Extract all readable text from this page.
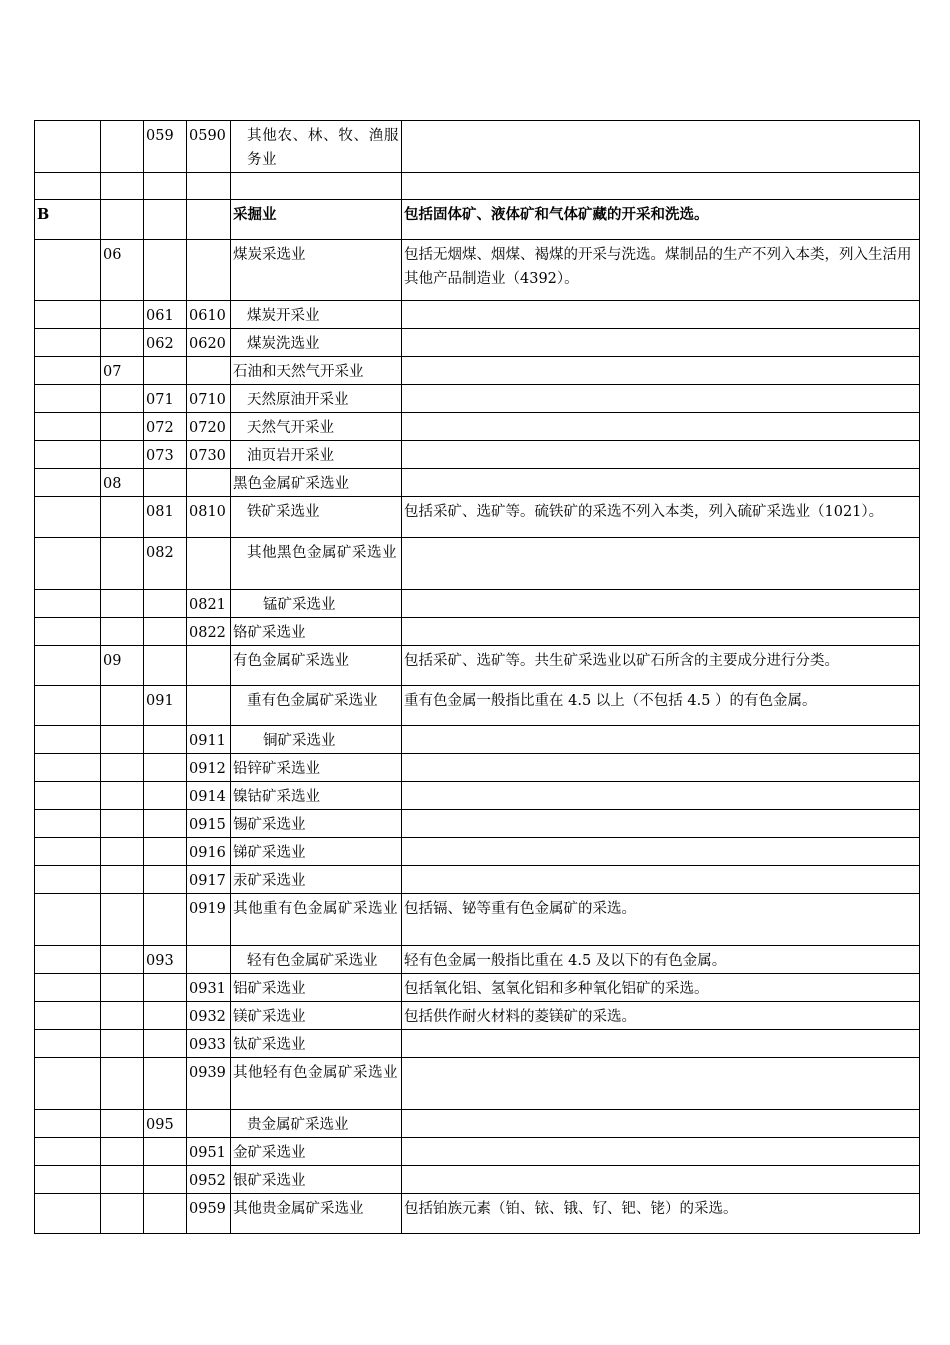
		059	0590	其他农、林、牧、渔服务业	

B				采掘业	包括固体矿、液体矿和气体矿藏的开采和洗选。
	06			煤炭采选业	包括无烟煤、烟煤、褐煤的开采与洗选。煤制品的生产不列入本类，列入生活用其他产品制造业（4392）。
		061	0610	煤炭开采业	
		062	0620	煤炭洗选业	
	07			石油和天然气开采业	
		071	0710	天然原油开采业	
		072	0720	天然气开采业	
		073	0730	油页岩开采业	
	08			黑色金属矿采选业	
		081	0810	铁矿采选业	包括采矿、选矿等。硫铁矿的采选不列入本类，列入硫矿采选业（1021）。
		082		其他黑色金属矿采选业	
			0821	锰矿采选业	
			0822	铬矿采选业	
	09			有色金属矿采选业	包括采矿、选矿等。共生矿采选业以矿石所含的主要成分进行分类。
		091		重有色金属矿采选业	重有色金属一般指比重在 4.5 以上（不包括 4.5 ）的有色金属。
			0911	铜矿采选业	
			0912	铅锌矿采选业	
			0914	镍钴矿采选业	
			0915	锡矿采选业	
			0916	锑矿采选业	
			0917	汞矿采选业	
			0919	其他重有色金属矿采选业	包括镉、铋等重有色金属矿的采选。
		093		轻有色金属矿采选业	轻有色金属一般指比重在 4.5 及以下的有色金属。
			0931	铝矿采选业	包括氧化铝、氢氧化铝和多种氧化铝矿的采选。
			0932	镁矿采选业	包括供作耐火材料的菱镁矿的采选。
			0933	钛矿采选业	
			0939	其他轻有色金属矿采选业	
		095		贵金属矿采选业	
			0951	金矿采选业	
			0952	银矿采选业	
			0959	其他贵金属矿采选业	包括铂族元素（铂、铱、锇、钌、钯、铑）的采选。
